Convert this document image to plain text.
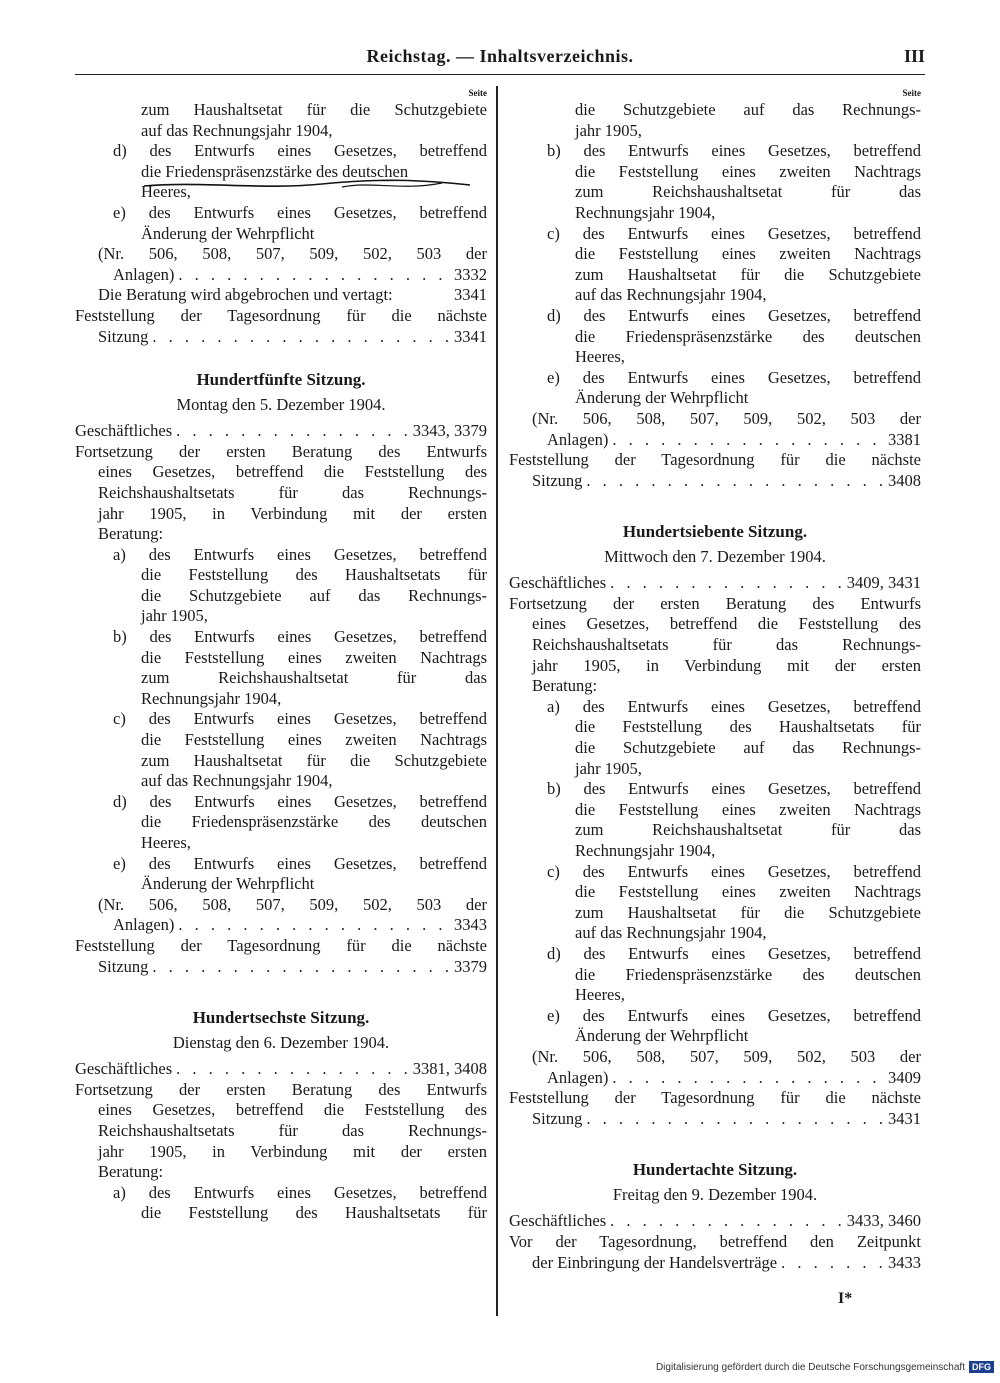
Reichstag. — Inhaltsverzeichnis.	III
Seite
zum Haushaltsetat für die Schutzgebiete
auf das Rechnungsjahr 1904,
d) des Entwurfs eines Gesetzes, betreffend
die Friedenspräsenzstärke des deutschen
Heeres,
e) des Entwurfs eines Gesetzes, betreffend
Änderung der Wehrpflicht
(Nr. 506, 508, 507, 509, 502, 503 der
Anlagen) . . .	3332
Die Beratung wird abgebrochen und vertagt:	3341
Feststellung der Tagesordnung für die nächste
Sitzung . . .	3341
Hundertfünfte Sitzung.
Montag den 5. Dezember 1904.
Geschäftliches . . .	3343, 3379
Fortsetzung der ersten Beratung des Entwurfs
eines Gesetzes, betreffend die Feststellung des
Reichshaushaltsetats für das Rechnungs-
jahr 1905, in Verbindung mit der ersten
Beratung:
a) des Entwurfs eines Gesetzes, betreffend
die Feststellung des Haushaltsetats für
die Schutzgebiete auf das Rechnungs-
jahr 1905,
b) des Entwurfs eines Gesetzes, betreffend
die Feststellung eines zweiten Nachtrags
zum Reichshaushaltsetat für das
Rechnungsjahr 1904,
c) des Entwurfs eines Gesetzes, betreffend
die Feststellung eines zweiten Nachtrags
zum Haushaltsetat für die Schutzgebiete
auf das Rechnungsjahr 1904,
d) des Entwurfs eines Gesetzes, betreffend
die Friedenspräsenzstärke des deutschen
Heeres,
e) des Entwurfs eines Gesetzes, betreffend
Änderung der Wehrpflicht
(Nr. 506, 508, 507, 509, 502, 503 der
Anlagen) . . .	3343
Feststellung der Tagesordnung für die nächste
Sitzung . . .	3379
Hundertsechste Sitzung.
Dienstag den 6. Dezember 1904.
Geschäftliches . . .	3381, 3408
Fortsetzung der ersten Beratung des Entwurfs
eines Gesetzes, betreffend die Feststellung des
Reichshaushaltsetats für das Rechnungs-
jahr 1905, in Verbindung mit der ersten
Beratung:
a) des Entwurfs eines Gesetzes, betreffend
die Feststellung des Haushaltsetats für
Seite
die Schutzgebiete auf das Rechnungs-
jahr 1905,
b) des Entwurfs eines Gesetzes, betreffend
die Feststellung eines zweiten Nachtrags
zum Reichshaushaltsetat für das
Rechnungsjahr 1904,
c) des Entwurfs eines Gesetzes, betreffend
die Feststellung eines zweiten Nachtrags
zum Haushaltsetat für die Schutzgebiete
auf das Rechnungsjahr 1904,
d) des Entwurfs eines Gesetzes, betreffend
die Friedenspräsenzstärke des deutschen
Heeres,
e) des Entwurfs eines Gesetzes, betreffend
Änderung der Wehrpflicht
(Nr. 506, 508, 507, 509, 502, 503 der
Anlagen) . . .	3381
Feststellung der Tagesordnung für die nächste
Sitzung . . .	3408
Hundertsiebente Sitzung.
Mittwoch den 7. Dezember 1904.
Geschäftliches . . .	3409, 3431
Fortsetzung der ersten Beratung des Entwurfs
eines Gesetzes, betreffend die Feststellung des
Reichshaushaltsetats für das Rechnungs-
jahr 1905, in Verbindung mit der ersten
Beratung:
a) des Entwurfs eines Gesetzes, betreffend
die Feststellung des Haushaltsetats für
die Schutzgebiete auf das Rechnungs-
jahr 1905,
b) des Entwurfs eines Gesetzes, betreffend
die Feststellung eines zweiten Nachtrags
zum Reichshaushaltsetat für das
Rechnungsjahr 1904,
c) des Entwurfs eines Gesetzes, betreffend
die Feststellung eines zweiten Nachtrags
zum Haushaltsetat für die Schutzgebiete
auf das Rechnungsjahr 1904,
d) des Entwurfs eines Gesetzes, betreffend
die Friedenspräsenzstärke des deutschen
Heeres,
e) des Entwurfs eines Gesetzes, betreffend
Änderung der Wehrpflicht
(Nr. 506, 508, 507, 509, 502, 503 der
Anlagen) . . .	3409
Feststellung der Tagesordnung für die nächste
Sitzung . . .	3431
Hundertachte Sitzung.
Freitag den 9. Dezember 1904.
Geschäftliches . . .	3433, 3460
Vor der Tagesordnung, betreffend den Zeitpunkt
der Einbringung der Handelsverträge . . .	3433
I*
Digitalisierung gefördert durch die Deutsche Forschungsgemeinschaft DFG
